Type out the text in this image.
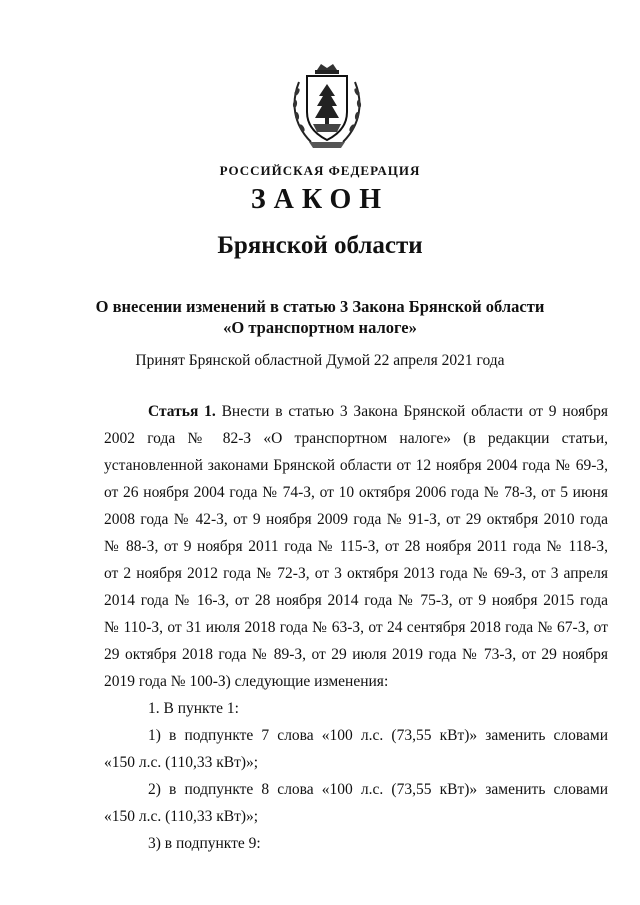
РОССИЙСКАЯ ФЕДЕРАЦИЯ
ЗАКОН
Брянской области
О внесении изменений в статью 3 Закона Брянской области
«О транспортном налоге»
Принят Брянской областной Думой 22 апреля 2021 года
Статья 1. Внести в статью 3 Закона Брянской области от 9 ноября
2002 года № 82-З «О транспортном налоге» (в редакции статьи,
установленной законами Брянской области от 12 ноября 2004 года № 69-З,
от 26 ноября 2004 года № 74-З, от 10 октября 2006 года № 78-З, от 5 июня
2008 года № 42-З, от 9 ноября 2009 года № 91-З, от 29 октября 2010 года
№ 88-З, от 9 ноября 2011 года № 115-З, от 28 ноября 2011 года № 118-З,
от 2 ноября 2012 года № 72-З, от 3 октября 2013 года № 69-З, от 3 апреля
2014 года № 16-З, от 28 ноября 2014 года № 75-З, от 9 ноября 2015 года
№ 110-З, от 31 июля 2018 года № 63-З, от 24 сентября 2018 года № 67-З, от
29 октября 2018 года № 89-З, от 29 июля 2019 года № 73-З, от 29 ноября
2019 года № 100-З) следующие изменения:
1. В пункте 1:
1) в подпункте 7 слова «100 л.с. (73,55 кВт)» заменить словами
«150 л.с. (110,33 кВт)»;
2) в подпункте 8 слова «100 л.с. (73,55 кВт)» заменить словами
«150 л.с. (110,33 кВт)»;
3) в подпункте 9:
